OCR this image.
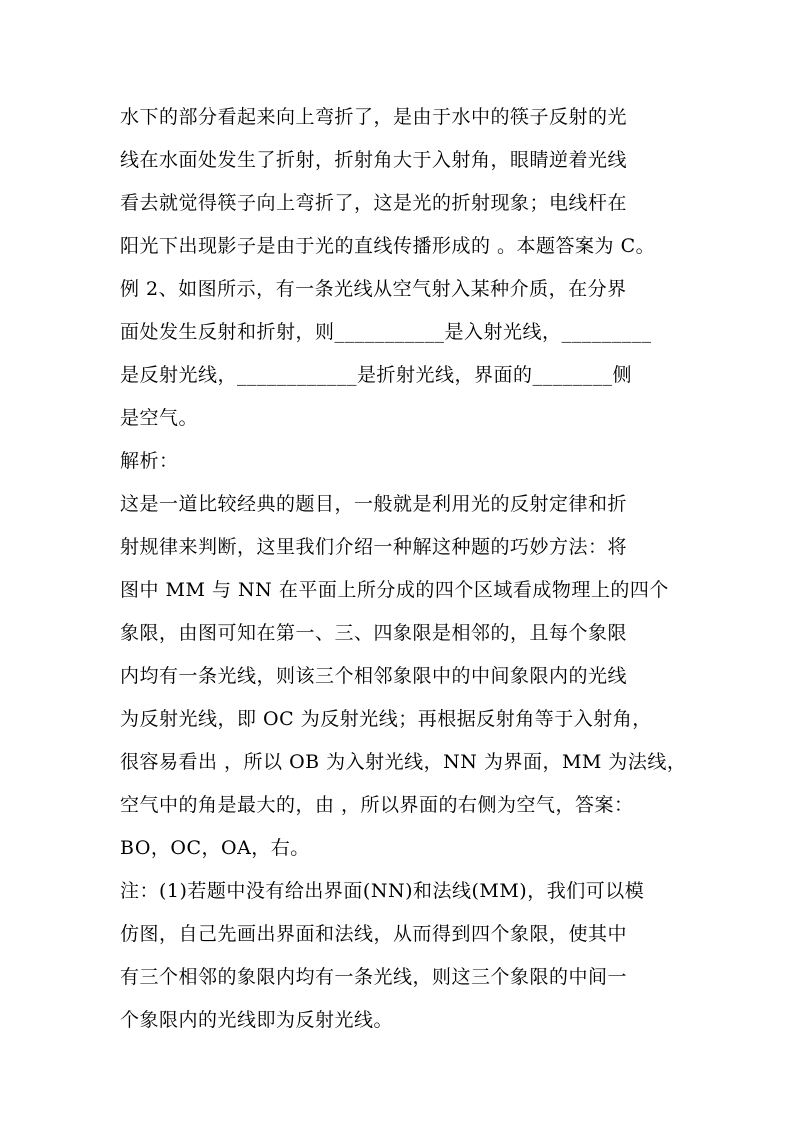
水下的部分看起来向上弯折了，是由于水中的筷子反射的光
线在水面处发生了折射，折射角大于入射角，眼睛逆着光线
看去就觉得筷子向上弯折了，这是光的折射现象；电线杆在
阳光下出现影子是由于光的直线传播形成的 。本题答案为 C。
例 2、如图所示，有一条光线从空气射入某种介质，在分界
面处发生反射和折射，则___________是入射光线，_________
是反射光线，____________是折射光线，界面的________侧
是空气。
解析：
这是一道比较经典的题目，一般就是利用光的反射定律和折
射规律来判断，这里我们介绍一种解这种题的巧妙方法：将
图中 MM 与 NN 在平面上所分成的四个区域看成物理上的四个
象限，由图可知在第一、三、四象限是相邻的，且每个象限
内均有一条光线，则该三个相邻象限中的中间象限内的光线
为反射光线，即 OC 为反射光线；再根据反射角等于入射角，
很容易看出 ，所以 OB 为入射光线，NN 为界面，MM 为法线，
空气中的角是最大的，由 ，所以界面的右侧为空气，答案：
BO，OC，OA，右。
注：(1)若题中没有给出界面(NN)和法线(MM)，我们可以模
仿图，自己先画出界面和法线，从而得到四个象限，使其中
有三个相邻的象限内均有一条光线，则这三个象限的中间一
个象限内的光线即为反射光线。
